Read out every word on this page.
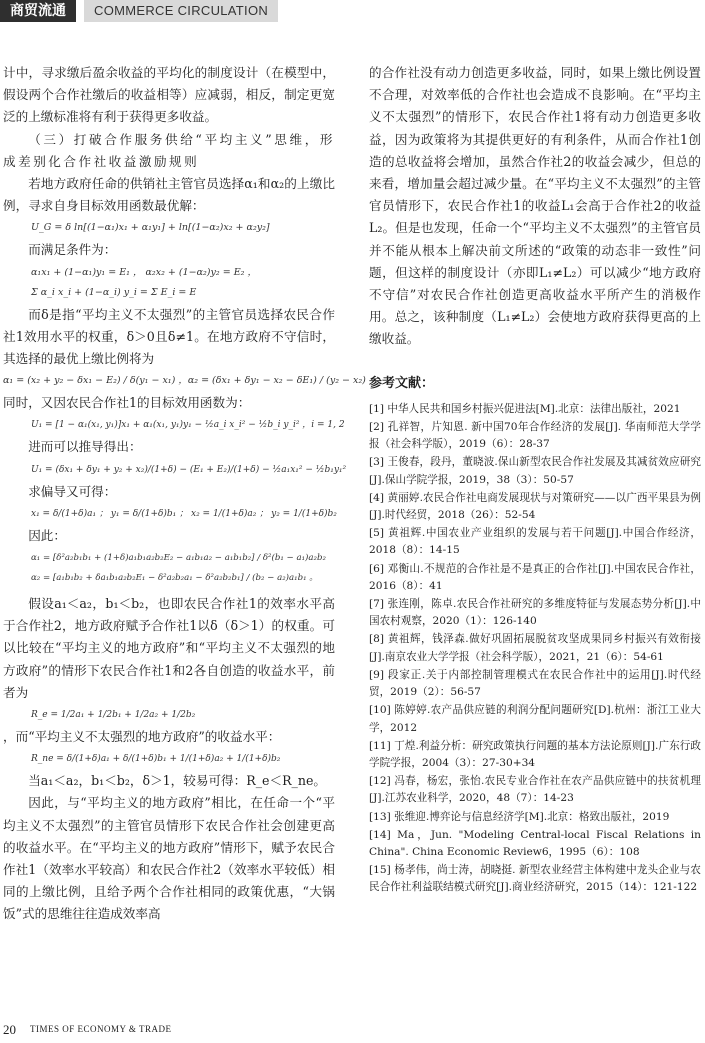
商贸流通	COMMERCE CIRCULATION

计中，寻求缴后盈余收益的平均化的制度设计（在模型中，假设两个合作社缴后的收益相等）应减弱，相反，制定更宽泛的上缴标准将有利于获得更多收益。

（三）打破合作服务供给“平均主义”思维，形成差别化合作社收益激励规则

若地方政府任命的供销社主管官员选择α₁和α₂的上缴比例，寻求自身目标效用函数最优解：

U_G = δ ln[(1−α₁)x₁ + α₁y₁] + ln[(1−α₂)x₂ + α₂y₂]

而满足条件为：

α₁x₁ + (1−α₁)y₁ = E₁ ， α₂x₂ + (1−α₂)y₂ = E₂ ，
Σ α_i x_i + (1−α_i) y_i = Σ E_i = E

而δ是指“平均主义不太强烈”的主管官员选择农民合作社1效用水平的权重，δ＞0且δ≠1。在地方政府不守信时，其选择的最优上缴比例将为

α₁ = (x₂ + y₂ − δx₁ − E₂) / δ(y₁ − x₁) ，α₂ = (δx₁ + δy₁ − x₂ − δE₁) / (y₂ − x₂)

同时，又因农民合作社1的目标效用函数为：

U₁ = [1 − α₁(x₁, y₁)]x₁ + α₁(x₁, y₁)y₁ − ½a_i x_i² − ½b_i y_i² ，i = 1, 2

进而可以推导得出：

U₁ = (δx₁ + δy₁ + y₂ + x₂)/(1+δ) − (E₁ + E₂)/(1+δ) − ½a₁x₁² − ½b₁y₁²

求偏导又可得：

x₁ = δ/(1+δ)a₁ ； y₁ = δ/(1+δ)b₁ ； x₂ = 1/(1+δ)a₂ ； y₂ = 1/(1+δ)b₂

因此：

α₁ = [δ²a₂b₁b₁ + (1+δ)a₁b₁a₂b₂E₂ − a₁b₁a₂ − a₁b₁b₂] / δ²(b₁ − a₁)a₂b₂
α₂ = [a₁b₁b₂ + δa₁b₁a₂b₂E₁ − δ²a₂b₂a₁ − δ²a₂b₂b₁] / (b₂ − a₂)a₁b₁ 。

假设a₁＜a₂，b₁＜b₂，也即农民合作社1的效率水平高于合作社2，地方政府赋予合作社1以δ（δ＞1）的权重。可以比较在“平均主义的地方政府”和“平均主义不太强烈的地方政府”的情形下农民合作社1和2各自创造的收益水平，前者为

R_e = 1/2a₁ + 1/2b₁ + 1/2a₂ + 1/2b₂

，而“平均主义不太强烈的地方政府”的收益水平：

R_ne = δ/(1+δ)a₁ + δ/(1+δ)b₁ + 1/(1+δ)a₂ + 1/(1+δ)b₂

当a₁＜a₂，b₁＜b₂，δ＞1，较易可得：R_e＜R_ne。

因此，与“平均主义的地方政府”相比，在任命一个“平均主义不太强烈”的主管官员情形下农民合作社会创建更高的收益水平。在“平均主义的地方政府”情形下，赋予农民合作社1（效率水平较高）和农民合作社2（效率水平较低）相同的上缴比例，且给予两个合作社相同的政策优惠，“大锅饭”式的思维往往造成效率高

的合作社没有动力创造更多收益，同时，如果上缴比例设置不合理，对效率低的合作社也会造成不良影响。在“平均主义不太强烈”的情形下，农民合作社1将有动力创造更多收益，因为政策将为其提供更好的有利条件，从而合作社1创造的总收益将会增加，虽然合作社2的收益会减少，但总的来看，增加量会超过减少量。在“平均主义不太强烈”的主管官员情形下，农民合作社1的收益L₁会高于合作社2的收益L₂。但是也发现，任命一个“平均主义不太强烈”的主管官员并不能从根本上解决前文所述的“政策的动态非一致性”问题，但这样的制度设计（亦即L₁≠L₂）可以减少“地方政府不守信”对农民合作社创造更高收益水平所产生的消极作用。总之，该种制度（L₁≠L₂）会使地方政府获得更高的上缴收益。

参考文献：

[1] 中华人民共和国乡村振兴促进法[M].北京：法律出版社，2021

[2] 孔祥智，片知恩. 新中国70年合作经济的发展[J]. 华南师范大学学报（社会科学版），2019（6）：28-37

[3] 王俊春，段丹，董晓波.保山新型农民合作社发展及其减贫效应研究[J].保山学院学报，2019，38（3）：50-57

[4] 黄丽婷.农民合作社电商发展现状与对策研究——以广西平果县为例[J].时代经贸，2018（26）：52-54

[5] 黄祖辉.中国农业产业组织的发展与若干问题[J].中国合作经济，2018（8）：14-15

[6] 邓衡山.不规范的合作社是不是真正的合作社[J].中国农民合作社，2016（8）：41

[7] 张连刚，陈卓.农民合作社研究的多维度特征与发展态势分析[J].中国农村观察，2020（1）：126-140

[8] 黄祖辉，钱泽森.做好巩固拓展脱贫攻坚成果同乡村振兴有效衔接[J].南京农业大学学报（社会科学版），2021，21（6）：54-61

[9] 段家正.关于内部控制管理模式在农民合作社中的运用[J].时代经贸，2019（2）：56-57

[10] 陈婷婷.农产品供应链的利润分配问题研究[D].杭州：浙江工业大学，2012

[11] 丁煌.利益分析：研究政策执行问题的基本方法论原则[J].广东行政学院学报，2004（3）：27-30+34

[12] 冯春，杨宏，张怡.农民专业合作社在农产品供应链中的扶贫机理[J].江苏农业科学，2020，48（7）：14-23

[13] 张维迎.博弈论与信息经济学[M].北京：格致出版社，2019

[14] Ma，Jun. "Modeling Central-local Fiscal Relations in China". China Economic Review6，1995（6）：108

[15] 杨孝伟，尚士涛，胡晓挺. 新型农业经营主体构建中龙头企业与农民合作社利益联结模式研究[J].商业经济研究，2015（14）：121-122

20 TIMES OF ECONOMY & TRADE
